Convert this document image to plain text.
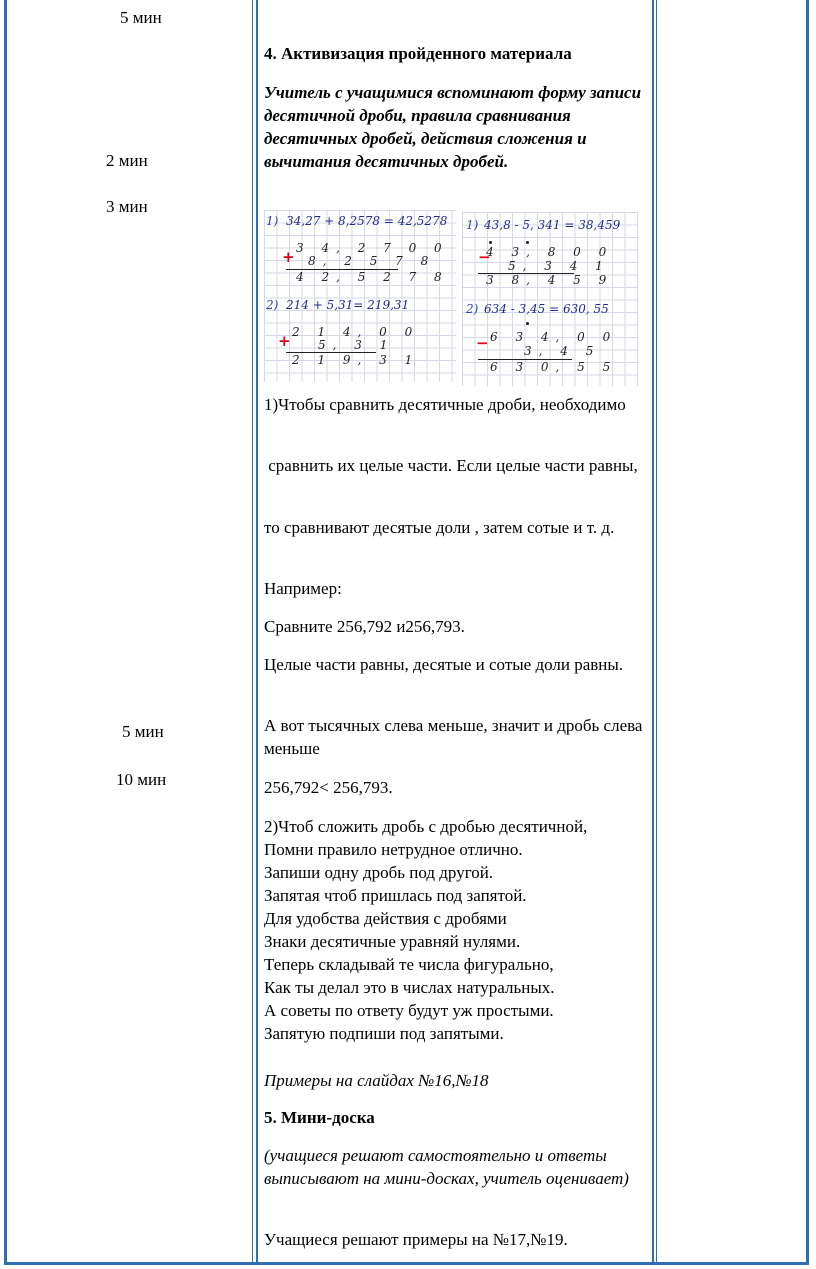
5 мин
2 мин
3 мин
5 мин
10 мин
4. Активизация пройденного материала
Учитель с учащимися вспоминают форму записи десятичной дроби, правила сравнивания десятичных дробей, действия сложения и вычитания десятичных дробей.
1)Чтобы сравнить десятичные дроби, необходимо
сравнить их целые части. Если целые части равны,
то сравнивают десятые доли , затем сотые и т. д.
Например:
Сравните 256,792 и256,793.
Целые части равны, десятые и сотые доли равны.
А вот тысячных слева меньше, значит и дробь слева меньше
256,792< 256,793.
2)Чтоб сложить дробь с дробью десятичной,
Помни правило нетрудное отлично.
Запиши одну дробь под другой.
Запятая чтоб пришлась под запятой.
Для удобства действия с дробями
Знаки десятичные уравняй нулями.
Теперь складывай те числа фигурально,
Как ты делал это в числах натуральных.
А советы по ответу будут уж простыми.
Запятую подпиши под запятыми.
Примеры на слайдах №16,№18
5. Мини-доска
(учащиеся решают самостоятельно и ответы выписывают на мини-досках, учитель оценивает)
Учащиеся решают примеры на №17,№19.
1) 34,27 + 8,2578 = 42,5278
+ 3 4, 2 7 0 0
8, 2 5 7 8
4 2, 5 2 7 8
2) 214 + 5,31= 219,31
+ 2 1 4, 0 0
5, 3 1
2 1 9, 3 1
1) 43,8 - 5, 341 = 38,459
−
4 3, 8 0 0
5, 3 4 1
3 8, 4 5 9
2) 634 - 3,45 = 630, 55
− 6 3 4, 0 0
3, 4 5
6 3 0, 5 5
